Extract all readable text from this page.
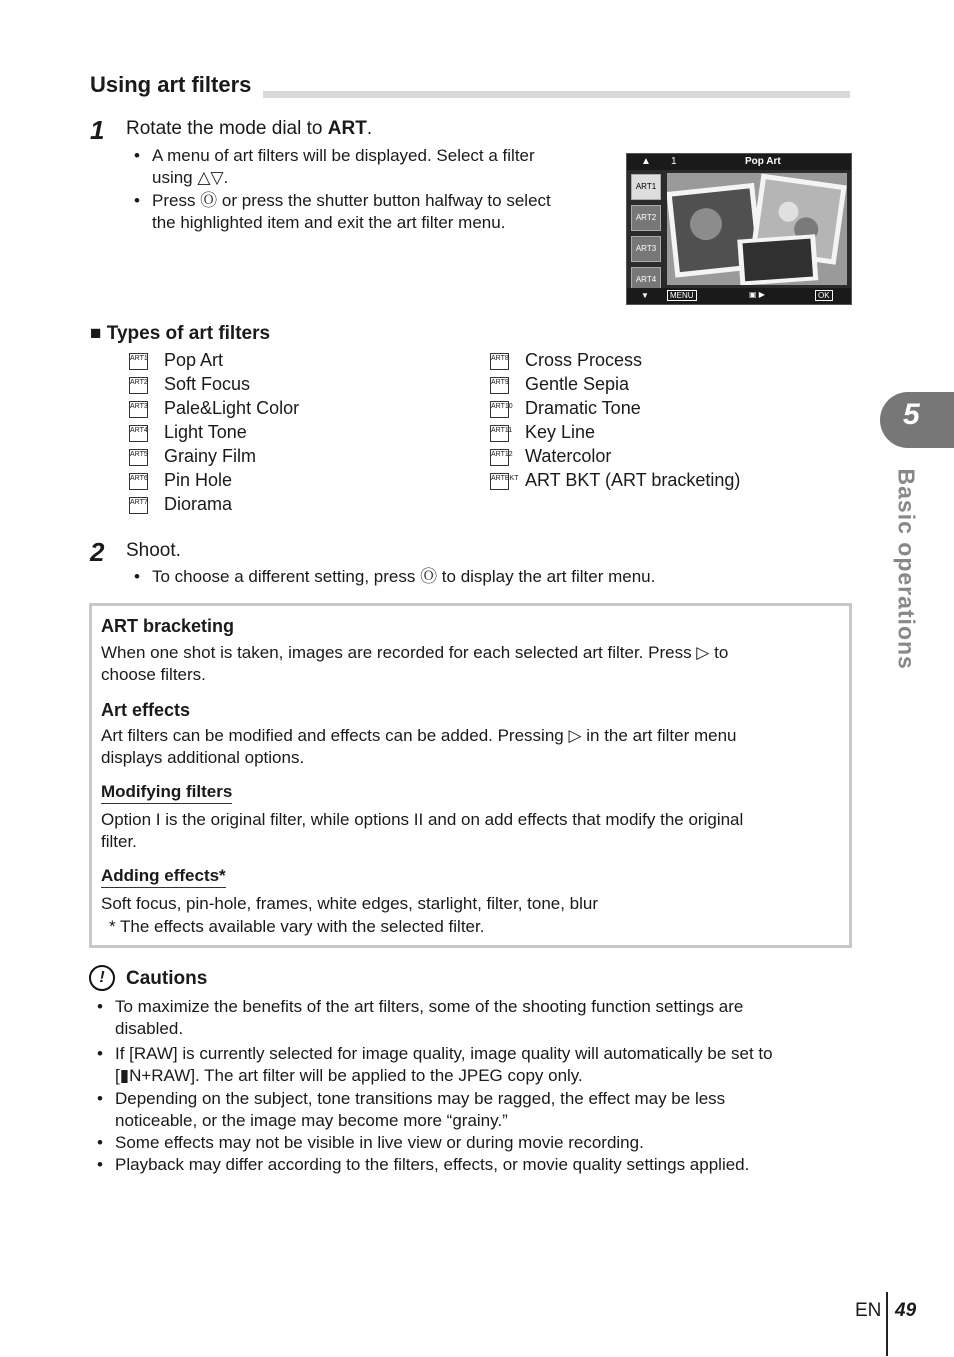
Using art filters
1 Rotate the mode dial to ART.
• A menu of art filters will be displayed. Select a filter
using △▽.
• Press Ⓞ or press the shutter button halfway to select
the highlighted item and exit the art filter menu.
▲ 1	Pop Art
ART1
ART2
ART3
ART4
▼	MENU	▣ ▶	OK
■ Types of art filters
ART1 Pop Art
ART2 Soft Focus
ART3 Pale&Light Color
ART4 Light Tone
ART5 Grainy Film
ART6 Pin Hole
ART7 Diorama
ART8 Cross Process
ART9 Gentle Sepia
ART10 Dramatic Tone
ART11 Key Line
ART12 Watercolor
ARTBKT ART BKT (ART bracketing)
2 Shoot.
• To choose a different setting, press Ⓞ to display the art filter menu.
ART bracketing
When one shot is taken, images are recorded for each selected art filter. Press ▷ to
choose filters.
Art effects
Art filters can be modified and effects can be added. Pressing ▷ in the art filter menu
displays additional options.
Modifying filters
Option I is the original filter, while options II and on add effects that modify the original
filter.
Adding effects*
Soft focus, pin-hole, frames, white edges, starlight, filter, tone, blur
* The effects available vary with the selected filter.
!	Cautions
• To maximize the benefits of the art filters, some of the shooting function settings are
disabled.
• If [RAW] is currently selected for image quality, image quality will automatically be set to
[▮N+RAW]. The art filter will be applied to the JPEG copy only.
• Depending on the subject, tone transitions may be ragged, the effect may be less
noticeable, or the image may become more “grainy.”
• Some effects may not be visible in live view or during movie recording.
• Playback may differ according to the filters, effects, or movie quality settings applied.
5
Basic operations
EN 49
